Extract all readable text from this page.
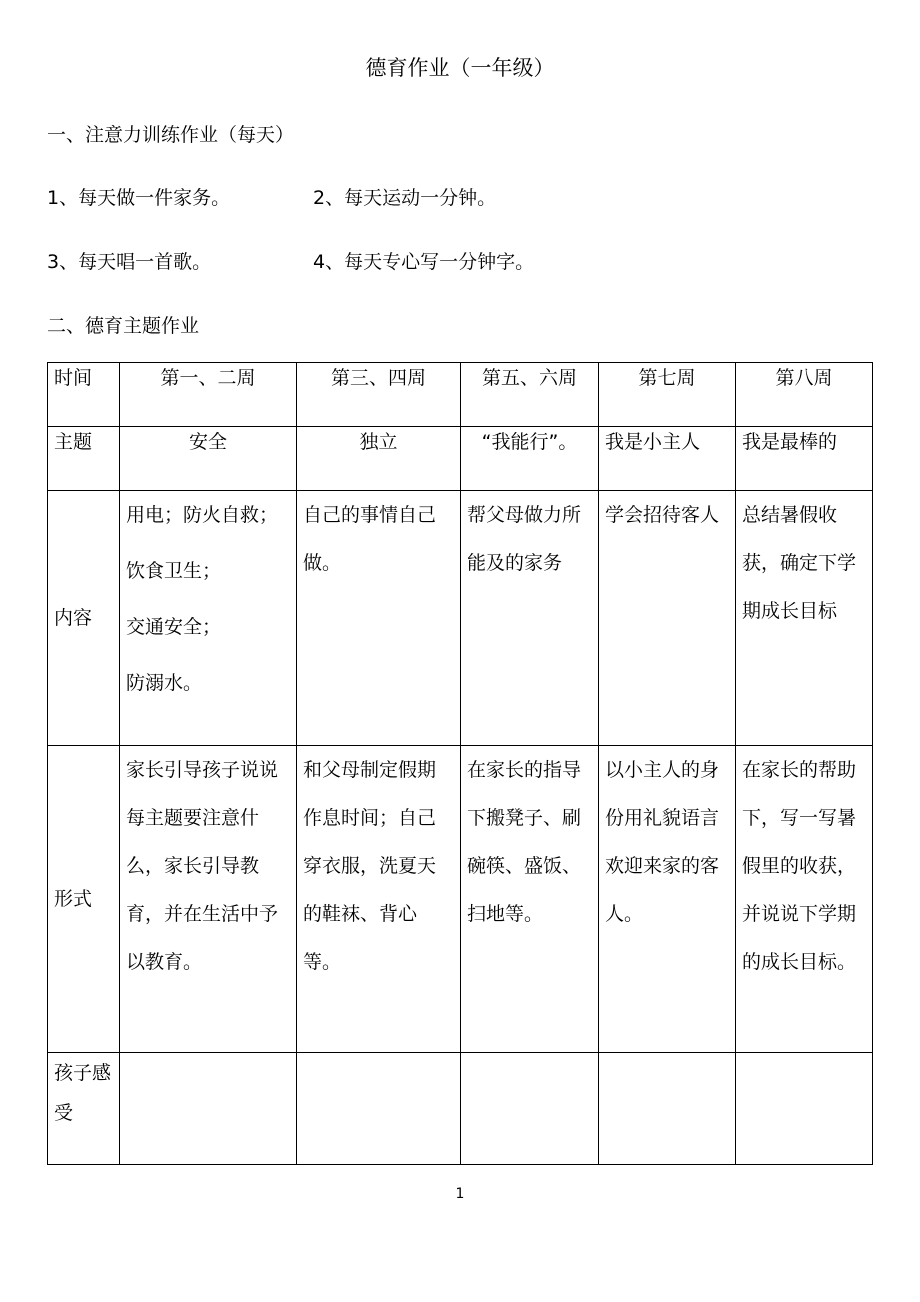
德育作业（一年级）
一、注意力训练作业（每天）
1、每天做一件家务。	2、每天运动一分钟。
3、每天唱一首歌。	4、每天专心写一分钟字。
二、德育主题作业
时间	第一、二周	第三、四周	第五、六周	第七周	第八周
主题	安全	独立	“我能行”。	我是小主人	我是最棒的
内容	用电；防火自救；
饮食卫生；
交通安全；
防溺水。	自己的事情自己做。	帮父母做力所能及的家务	学会招待客人	总结暑假收获，确定下学期成长目标
形式	家长引导孩子说说每主题要注意什么，家长引导教育，并在生活中予以教育。	和父母制定假期作息时间；自己穿衣服，洗夏天的鞋袜、背心等。	在家长的指导下搬凳子、刷碗筷、盛饭、扫地等。	以小主人的身份用礼貌语言欢迎来家的客人。	在家长的帮助下，写一写暑假里的收获，并说说下学期的成长目标。
孩子感受					
1
